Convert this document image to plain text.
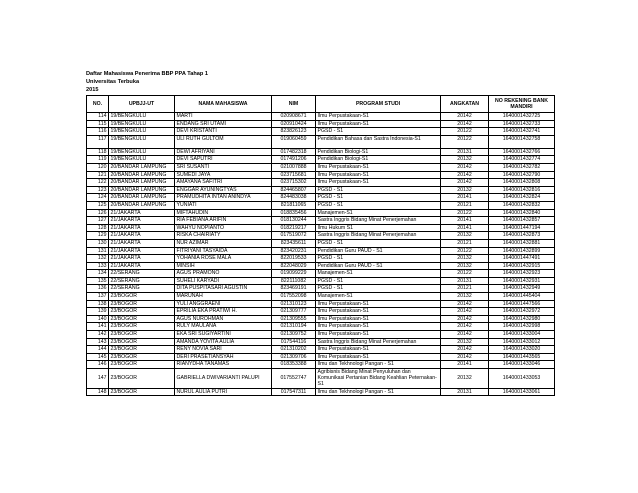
Daftar Mahasiswa Penerima BBP PPA Tahap 1
Universitas Terbuka
2015
NO.	UPBJJ-UT	NAMA MAHASISWA	NIM	PROGRAM STUDI	ANGKATAN	NO REKENING BANK MANDIRI
114	19/BENGKULU	MARTI	020908671	Ilmu Perpustakaan-S1	20142	1640001432725
115	19/BENGKULU	ENDANG SRI UTAMI	020910424	Ilmu Perpustakaan-S1	20142	1640001432733
116	19/BENGKULU	DEVI KRISTANTI	823826123	PGSD - S1	20122	1640001432741
117	19/BENGKULU	ULI RUTH GULTOM	019060459	Pendidikan Bahasa dan Sastra Indonesia-S1	20122	1640001432758
118	19/BENGKULU	DEWI AFRIYANI	017482318	Pendidikan Biologi-S1	20131	1640001432766
119	19/BENGKULU	DEVI SAPUTRI	017491206	Pendidikan Biologi-S1	20132	1640001432774
120	20/BANDAR LAMPUNG	SRI SUSANTI	021007888	Ilmu Perpustakaan-S1	20142	1640001432782
121	20/BANDAR LAMPUNG	SUMEDI JAYA	023715681	Ilmu Perpustakaan-S1	20142	1640001432790
122	20/BANDAR LAMPUNG	AMAYANA SAFITRI	023715302	Ilmu Perpustakaan-S1	20142	1640001432808
123	20/BANDAR LAMPUNG	ENGGAR AYUNINGTYAS	824465807	PGSD - S1	20132	1640001432816
124	20/BANDAR LAMPUNG	PRAMUDHITA INTAN ANINDYA	824483038	PGSD - S1	20141	1640001432824
125	20/BANDAR LAMPUNG	YUNIATI	821811065	PGSD - S1	20121	1640001432832
126	21/JAKARTA	MIFTAHUDIN	018835456	Manajemen-S1	20122	1640001432840
127	21/JAKARTA	RIA FEBIANA ARIFIN	018130244	Sastra Inggris Bidang Minat Penerjemahan	20141	1640001432857
128	21/JAKARTA	WAHYU NOPIANTO	018219217	Ilmu Hukum S1	20141	1640001447194
129	21/JAKARTA	RISKA CHAIRIATY	017519072	Sastra Inggris Bidang Minat Penerjemahan	20132	1640001432873
130	21/JAKARTA	NUR AZIMAR	823435611	PGSD - S1	20121	1640001432881
131	21/JAKARTA	FITRIYANI TASYAIDA	823420231	Pendidikan Guru PAUD - S1	20122	1640001432899
132	21/JAKARTA	YOHANIA ROSE MALA	822019533	PGSD - S1	20132	1640001447491
133	21/JAKARTA	MINSIH	822048029	Pendidikan Guru PAUD - S1	20132	1640001432915
134	22/SERANG	AGUS PRAMONO	019099229	Manajemen-S1	20122	1640001432923
135	22/SERANG	SUHELI KARYADI	822111082	PGSD - S1	20131	1640001432931
136	22/SERANG	DITA PUSPITASARI AGUSTIN	823469191	PGSD - S1	20121	1640001432949
137	23/BOGOR	MARUNAH	017552098	Manajemen-S1	20132	1640001445404
138	23/BOGOR	YULI ANGGRAENI	021310123	Ilmu Perpustakaan-S1	20142	1640001447566
139	23/BOGOR	EPRILIA EKA PRATIWI H.	021309777	Ilmu Perpustakaan-S1	20142	1640001432972
140	23/BOGOR	AGUS NUROHMAN	021309555	Ilmu Perpustakaan-S1	20142	1640001432980
141	23/BOGOR	RULY MAULANA	021310194	Ilmu Perpustakaan-S1	20142	1640001432998
142	23/BOGOR	EKA SRI SUGIYARTINI	021309752	Ilmu Perpustakaan-S1	20142	1640001433004
143	23/BOGOR	AMANDA YOVITA AULIA	017544116	Sastra Inggris Bidang Minat Penerjemahan	20132	1640001433012
144	23/BOGOR	RENY NOVIA SARI	021310202	Ilmu Perpustakaan-S1	20142	1640001433020
145	23/BOGOR	DERI PRASETIANSYAH	021309706	Ilmu Perpustakaan-S1	20142	1640001443565
146	23/BOGOR	RIANYDHA TANAMAS	018353388	Ilmu dan Tekhnologi Pangan - S1	20141	1640001433046
147	23/BOGOR	GABRIELLA DWIVARIANTI PALUPI	017552747	Agribisnis Bidang Minat Penyuluhan dan Komunikasi Pertanian Bidang Keahlian Peternakan-S1	20132	1640001433053
148	23/BOGOR	NURUL AULIA PUTRI	017547311	Ilmu dan Tekhnologi Pangan - S1	20131	1640001433061
